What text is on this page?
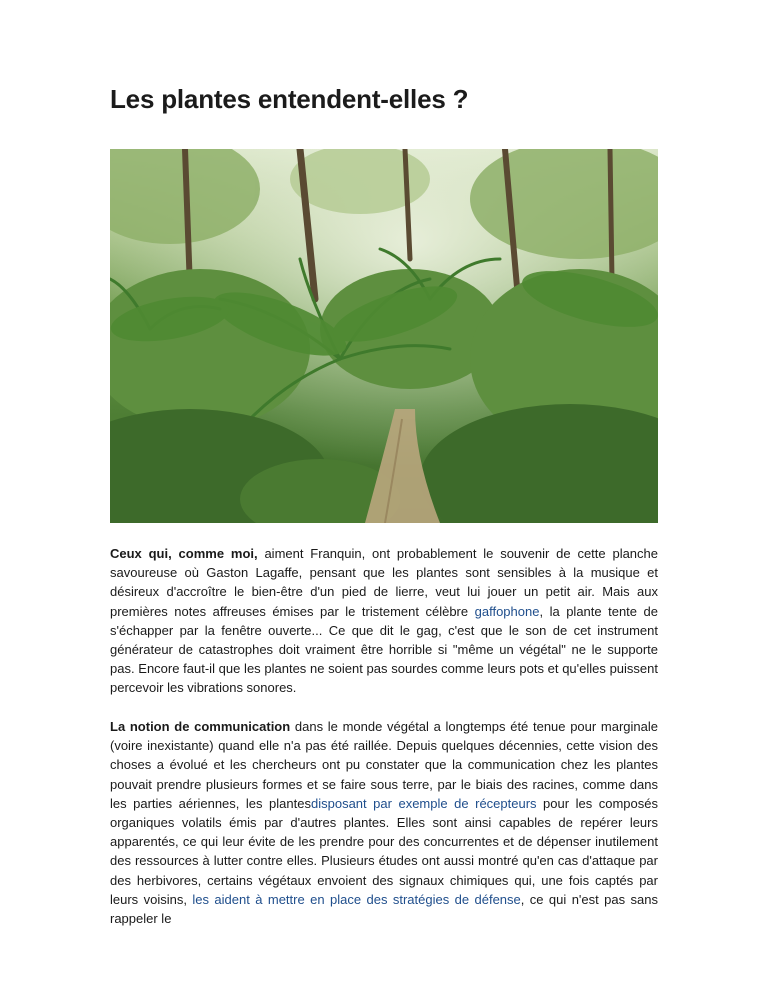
Les plantes entendent-elles ?

Ceux qui, comme moi, aiment Franquin, ont probablement le souvenir de cette planche savoureuse où Gaston Lagaffe, pensant que les plantes sont sensibles à la musique et désireux d'accroître le bien-être d'un pied de lierre, veut lui jouer un petit air. Mais aux premières notes affreuses émises par le tristement célèbre gaffophone, la plante tente de s'échapper par la fenêtre ouverte... Ce que dit le gag, c'est que le son de cet instrument générateur de catastrophes doit vraiment être horrible si "même un végétal" ne le supporte pas. Encore faut-il que les plantes ne soient pas sourdes comme leurs pots et qu'elles puissent percevoir les vibrations sonores.

La notion de communication dans le monde végétal a longtemps été tenue pour marginale (voire inexistante) quand elle n'a pas été raillée. Depuis quelques décennies, cette vision des choses a évolué et les chercheurs ont pu constater que la communication chez les plantes pouvait prendre plusieurs formes et se faire sous terre, par le biais des racines, comme dans les parties aériennes, les plantesdisposant par exemple de récepteurs pour les composés organiques volatils émis par d'autres plantes. Elles sont ainsi capables de repérer leurs apparentés, ce qui leur évite de les prendre pour des concurrentes et de dépenser inutilement des ressources à lutter contre elles. Plusieurs études ont aussi montré qu'en cas d'attaque par des herbivores, certains végétaux envoient des signaux chimiques qui, une fois captés par leurs voisins, les aident à mettre en place des stratégies de défense, ce qui n'est pas sans rappeler le
